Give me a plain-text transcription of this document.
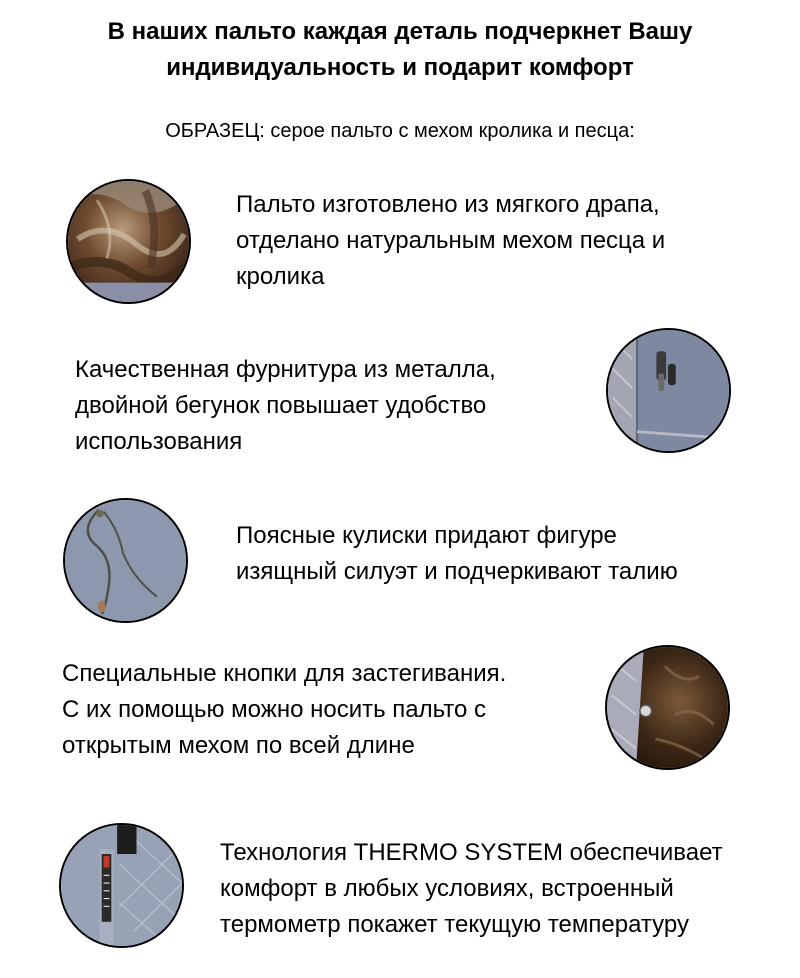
В наших пальто каждая деталь подчеркнет Вашу
индивидуальность и подарит комфорт
ОБРАЗЕЦ: серое пальто с мехом кролика и песца:
Пальто изготовлено из мягкого драпа,
отделано натуральным мехом песца и
кролика
Качественная фурнитура из металла,
двойной бегунок повышает удобство
использования
Поясные кулиски придают фигуре
изящный силуэт и подчеркивают талию
Специальные кнопки для застегивания.
С их помощью можно носить пальто с
открытым мехом по всей длине
Технология THERMO SYSTEM обеспечивает
комфорт в любых условиях, встроенный
термометр покажет текущую температуру
